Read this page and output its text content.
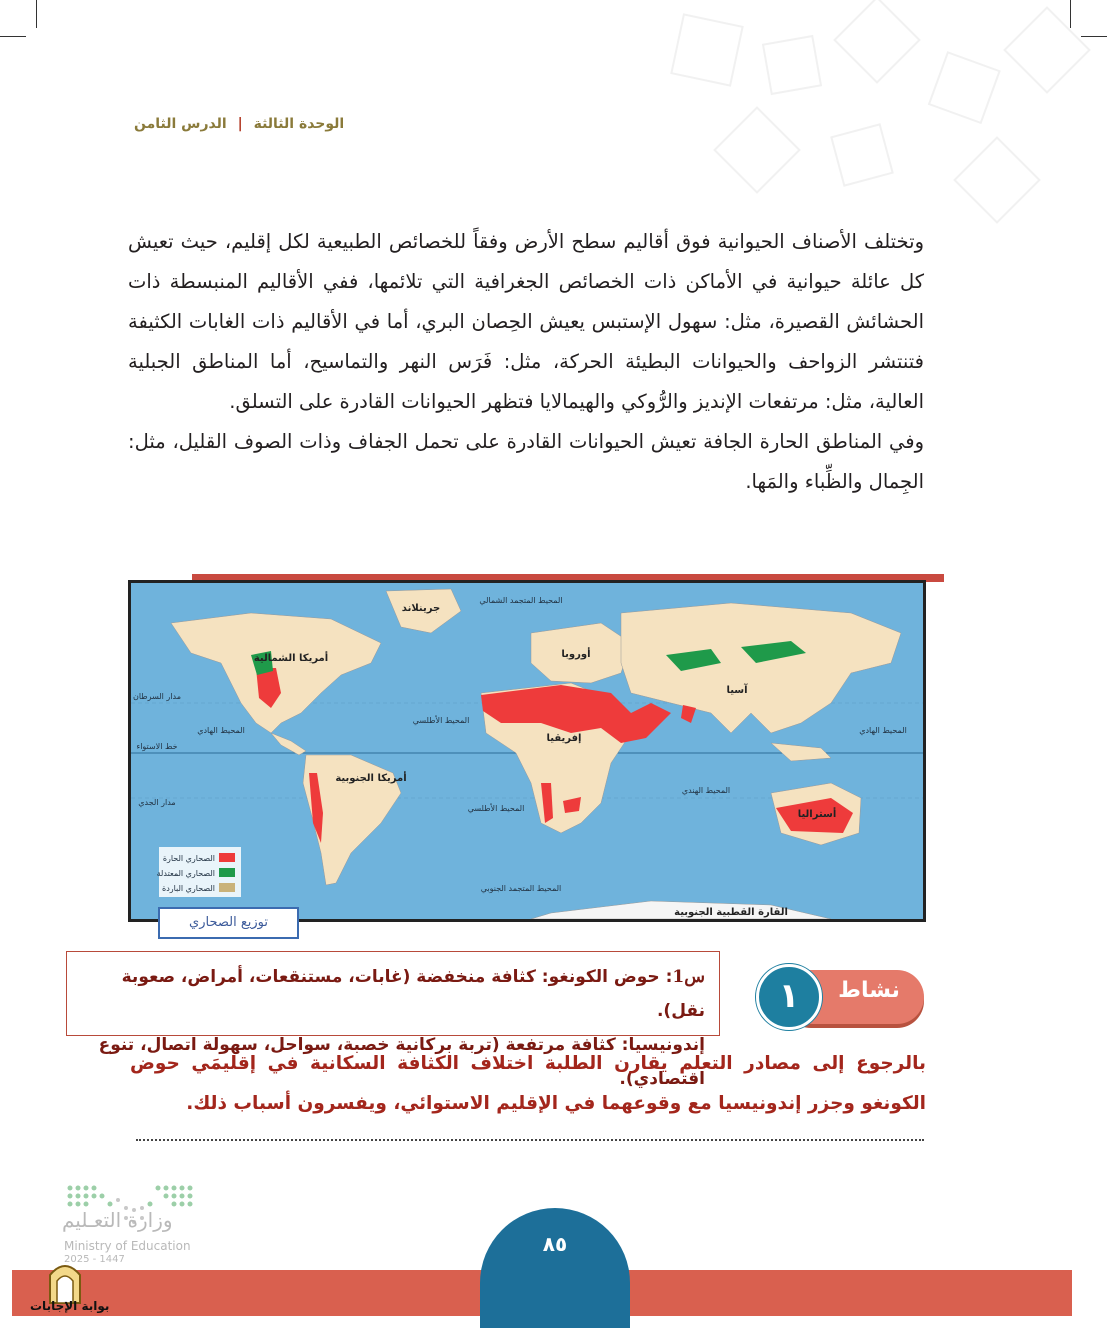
الوحدة الثالثة | الدرس الثامن

وتختلف الأصناف الحيوانية فوق أقاليم سطح الأرض وفقاً للخصائص الطبيعية لكل إقليم، حيث تعيش كل عائلة حيوانية في الأماكن ذات الخصائص الجغرافية التي تلائمها، ففي الأقاليم المنبسطة ذات الحشائش القصيرة، مثل: سهول الإستبس يعيش الحِصان البري، أما في الأقاليم ذات الغابات الكثيفة فتنتشر الزواحف والحيوانات البطيئة الحركة، مثل: فَرَس النهر والتماسيح، أما المناطق الجبلية العالية، مثل: مرتفعات الإنديز والرُّوكي والهيمالايا فتظهر الحيوانات القادرة على التسلق.

وفي المناطق الحارة الجافة تعيش الحيوانات القادرة على تحمل الجفاف وذات الصوف القليل، مثل: الجِمال والظِّباء والمَها.

جرينلاند
المحيط المتجمد الشمالي
أمريكا الشمالية	أوروبا
آسيا
إفريقيا
أمريكا الجنوبية
أستراليا
القارة القطبية الجنوبية
المحيط المتجمد الجنوبي
المحيط الأطلسي
المحيط الأطلسي
المحيط الهادي	المحيط الهادي
المحيط الهندي
مدار السرطان
خط الاستواء
مدار الجدي
الصحاري الحارة
الصحاري المعتدلة
الصحاري الباردة
توزيع الصحاري
س1: حوض الكونغو: كثافة منخفضة (غابات، مستنقعات، أمراض، صعوبة نقل).
إندونيسيا: كثافة مرتفعة (تربة بركانية خصبة، سواحل، سهولة اتصال، تنوع اقتصادي).
نشاط
١
بالرجوع إلى مصادر التعلم يقارن الطلبة اختلاف الكثافة السكانية في إقليمَي حوض الكونغو وجزر إندونيسيا مع وقوعهما في الإقليم الاستوائي، ويفسرون أسباب ذلك.
وزارة التعـليم
Ministry of Education
2025 - 1447
٨٥
بوابة الإجابات
